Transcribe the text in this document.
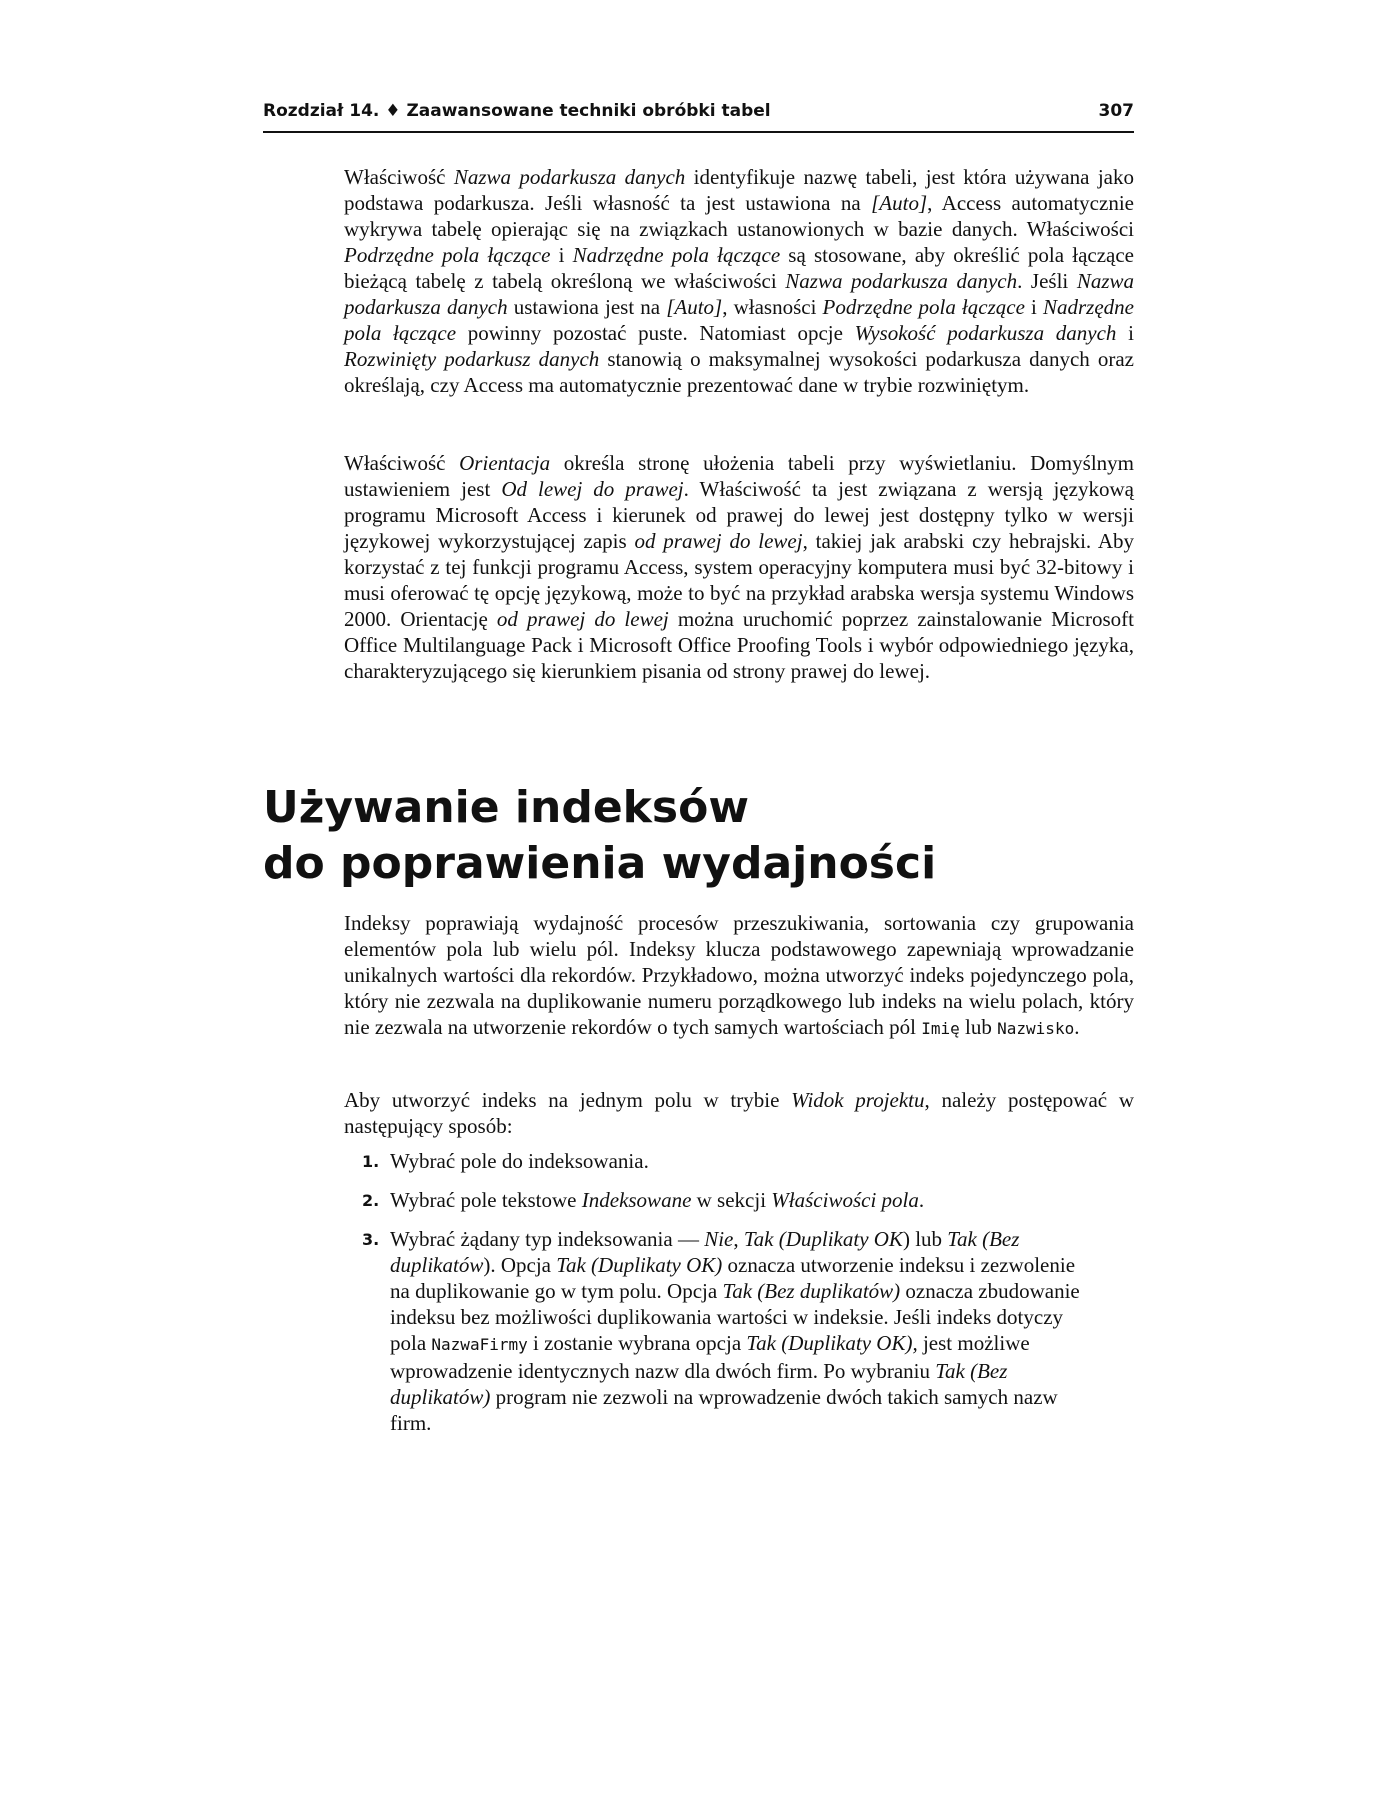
Rozdział 14. ♦ Zaawansowane techniki obróbki tabel	307

Właściwość Nazwa podarkusza danych identyfikuje nazwę tabeli, jest która używana jako podstawa podarkusza. Jeśli własność ta jest ustawiona na [Auto], Access automatycznie wykrywa tabelę opierając się na związkach ustanowionych w bazie danych. Właściwości Podrzędne pola łączące i Nadrzędne pola łączące są stosowane, aby określić pola łączące bieżącą tabelę z tabelą określoną we właściwości Nazwa podarkusza danych. Jeśli Nazwa podarkusza danych ustawiona jest na [Auto], własności Podrzędne pola łączące i Nadrzędne pola łączące powinny pozostać puste. Natomiast opcje Wysokość podarkusza danych i Rozwinięty podarkusz danych stanowią o maksymalnej wysokości podarkusza danych oraz określają, czy Access ma automatycznie prezentować dane w trybie rozwiniętym.

Właściwość Orientacja określa stronę ułożenia tabeli przy wyświetlaniu. Domyślnym ustawieniem jest Od lewej do prawej. Właściwość ta jest związana z wersją językową programu Microsoft Access i kierunek od prawej do lewej jest dostępny tylko w wersji językowej wykorzystującej zapis od prawej do lewej, takiej jak arabski czy hebrajski. Aby korzystać z tej funkcji programu Access, system operacyjny komputera musi być 32-bitowy i musi oferować tę opcję językową, może to być na przykład arabska wersja systemu Windows 2000. Orientację od prawej do lewej można uruchomić poprzez zainstalowanie Microsoft Office Multilanguage Pack i Microsoft Office Proofing Tools i wybór odpowiedniego języka, charakteryzującego się kierunkiem pisania od strony prawej do lewej.

Używanie indeksów
do poprawienia wydajności

Indeksy poprawiają wydajność procesów przeszukiwania, sortowania czy grupowania elementów pola lub wielu pól. Indeksy klucza podstawowego zapewniają wprowadzanie unikalnych wartości dla rekordów. Przykładowo, można utworzyć indeks pojedynczego pola, który nie zezwala na duplikowanie numeru porządkowego lub indeks na wielu polach, który nie zezwala na utworzenie rekordów o tych samych wartościach pól Imię lub Nazwisko.

Aby utworzyć indeks na jednym polu w trybie Widok projektu, należy postępować w następujący sposób:

1. Wybrać pole do indeksowania.
2. Wybrać pole tekstowe Indeksowane w sekcji Właściwości pola.
3. Wybrać żądany typ indeksowania — Nie, Tak (Duplikaty OK) lub Tak (Bez duplikatów). Opcja Tak (Duplikaty OK) oznacza utworzenie indeksu i zezwolenie na duplikowanie go w tym polu. Opcja Tak (Bez duplikatów) oznacza zbudowanie indeksu bez możliwości duplikowania wartości w indeksie. Jeśli indeks dotyczy pola NazwaFirmy i zostanie wybrana opcja Tak (Duplikaty OK), jest możliwe wprowadzenie identycznych nazw dla dwóch firm. Po wybraniu Tak (Bez duplikatów) program nie zezwoli na wprowadzenie dwóch takich samych nazw firm.
